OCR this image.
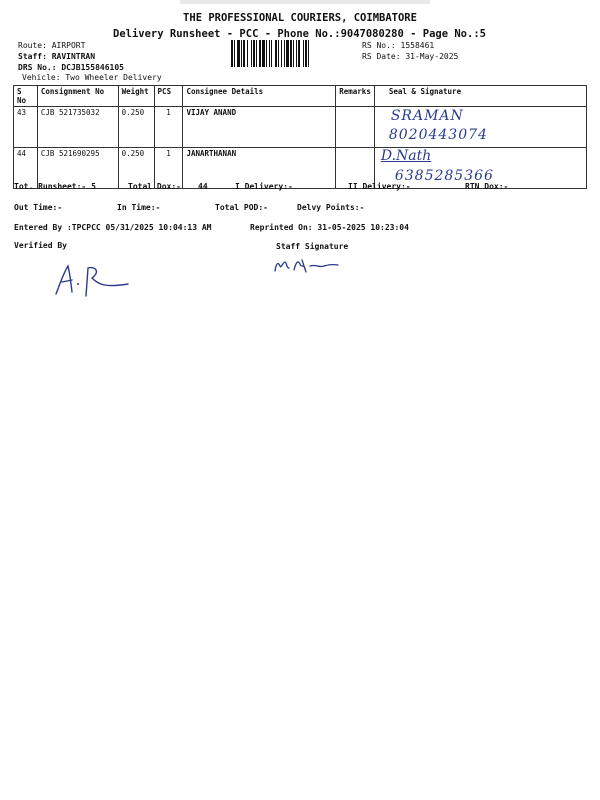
THE PROFESSIONAL COURIERS, COIMBATORE
Delivery Runsheet - PCC - Phone No.:9047080280 - Page No.:5
Route: AIRPORT
Staff: RAVINTRAN
DRS No.: DCJB155846105
Vehicle: Two Wheeler Delivery
RS No.: 1558461
RS Date: 31-May-2025
S No	Consignment No	Weight	PCS	Consignee Details	Remarks	Seal & Signature
43	CJB 521735032	0.250	1	VIJAY ANAND		SRAMAN
8020443074

44	CJB 521690295	0.250	1	JANARTHANAN		D.Nath
6385285366
Tot. Runsheet:- 5	Total Dox:- 44	I Delivery:-	II Delivery:-	RTN Dox:-
Out Time:-	In Time:-	Total POD:-	Delvy Points:-
Entered By :TPCPCC 05/31/2025 10:04:13 AM	Reprinted On: 31-05-2025 10:23:04
Verified By	Staff Signature
